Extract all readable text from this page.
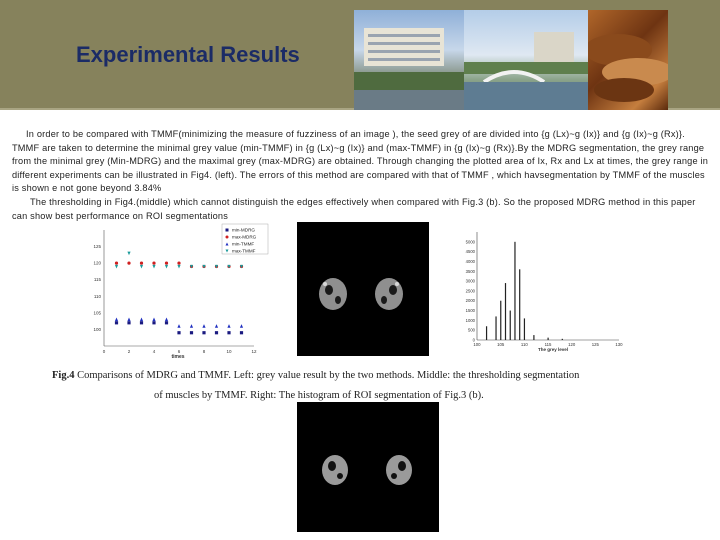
Experimental Results
In order to be compared with TMMF(minimizing the measure of fuzziness of an image ), the seed grey of are divided into {g (Lx)~g (Ix)} and {g (Ix)~g (Rx)}. TMMF are taken to determine the minimal grey value (min-TMMF) in {g (Lx)~g (Ix)} and (max-TMMF) in {g (Ix)~g (Rx)}.By the MDRG segmentation, the grey range from the minimal grey (Min-MDRG) and the maximal grey (max-MDRG) are obtained. Through changing the plotted area of Ix, Rx and Lx at times, the grey range in different experiments can be illustrated in Fig4. (left). The errors of this method are compared with that of TMMF , which havsegmentation by TMMF of the muscles is shown e not gone beyond 3.84%
The thresholding in Fig4.(middle) which cannot distinguish the edges effectively when compared with Fig.3 (b). So the proposed MDRG method in this paper can show best performance on ROI segmentations
0	2	4	6	8	10	12
100
105
110
115
120
125
min-MDRG
max-MDRG
min-TMMF
max-TMMF
times
100	105	110	115	120	125	130
0
500
1000
1500
2000
2500
3000
3500
4000
4500
5000
The grey level
Fig.4 Comparisons of MDRG and TMMF. Left: grey value result by the two methods. Middle: the thresholding segmentation
of muscles by TMMF. Right: The histogram of ROI segmentation of Fig.3 (b).
